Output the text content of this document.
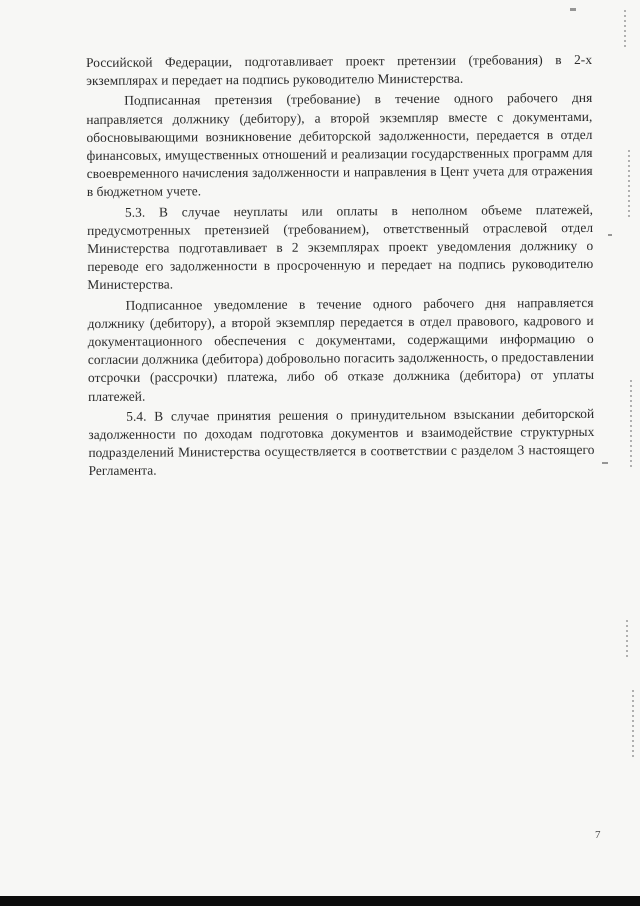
Российской Федерации, подготавливает проект претензии (требования) в 2-х экземплярах и передает на подпись руководителю Министерства.

Подписанная претензия (требование) в течение одного рабочего дня направляется должнику (дебитору), а второй экземпляр вместе с документами, обосновывающими возникновение дебиторской задолженности, передается в отдел финансовых, имущественных отношений и реализации государственных программ для своевременного начисления задолженности и направления в Цент учета для отражения в бюджетном учете.

5.3. В случае неуплаты или оплаты в неполном объеме платежей, предусмотренных претензией (требованием), ответственный отраслевой отдел Министерства подготавливает в 2 экземплярах проект уведомления должнику о переводе его задолженности в просроченную и передает на подпись руководителю Министерства.

Подписанное уведомление в течение одного рабочего дня направляется должнику (дебитору), а второй экземпляр передается в отдел правового, кадрового и документационного обеспечения с документами, содержащими информацию о согласии должника (дебитора) добровольно погасить задолженность, о предоставлении отсрочки (рассрочки) платежа, либо об отказе должника (дебитора) от уплаты платежей.

5.4. В случае принятия решения о принудительном взыскании дебиторской задолженности по доходам подготовка документов и взаимодействие структурных подразделений Министерства осуществляется в соответствии с разделом 3 настоящего Регламента.

7
